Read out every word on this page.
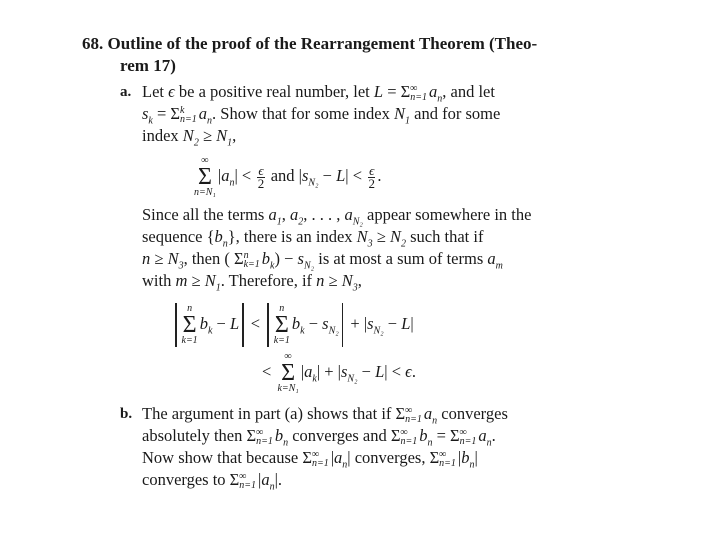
68. Outline of the proof of the Rearrangement Theorem (Theo-
rem 17)
a.
b.
Let ϵ be a positive real number, let L = Σ ∞
n=1 $a_n$, and let
$s_k = \Sigma$ k
n=1 $a_n$. Show that for some index $N_1$ and for some
index $N_2 \ge N_1$,
∞
Σ
n=N₁
$|a_n| < \frac{\epsilon}{2}$ and $|s_{N_2} - L| < \frac{\epsilon}{2}$ .
Since all the terms $a_1$, $a_2$, . . . , $a_{N_2}$ appear somewhere in the
sequence $\{b_n\}$, there is an index $N_3 \ge N_2$ such that if
$n \ge N_3$, then ( Σ n
k=1 $b_k) - s_{N_2}$ is at most a sum of terms $a_m$
with $m \ge N_1$. Therefore, if $n \ge N_3$,
n
Σ
k=1
$b_k - L$ <
n
Σ
k=1
$b_k - s_{N_2} + |s_{N_2} - L|$
<
∞
Σ
k=N₁
$|a_k| + |s_{N_2} - L| < \epsilon$.
The argument in part (a) shows that if Σ ∞
n=1 $a_n$ converges
absolutely then Σ ∞
n=1 $b_n$ converges and Σ ∞
n=1 $b_n = \Sigma$ ∞
n=1 $a_n$.
Now show that because Σ ∞
n=1 $|a_n|$ converges, Σ ∞
n=1 $|b_n|$
converges to Σ ∞
n=1 $|a_n|$.
